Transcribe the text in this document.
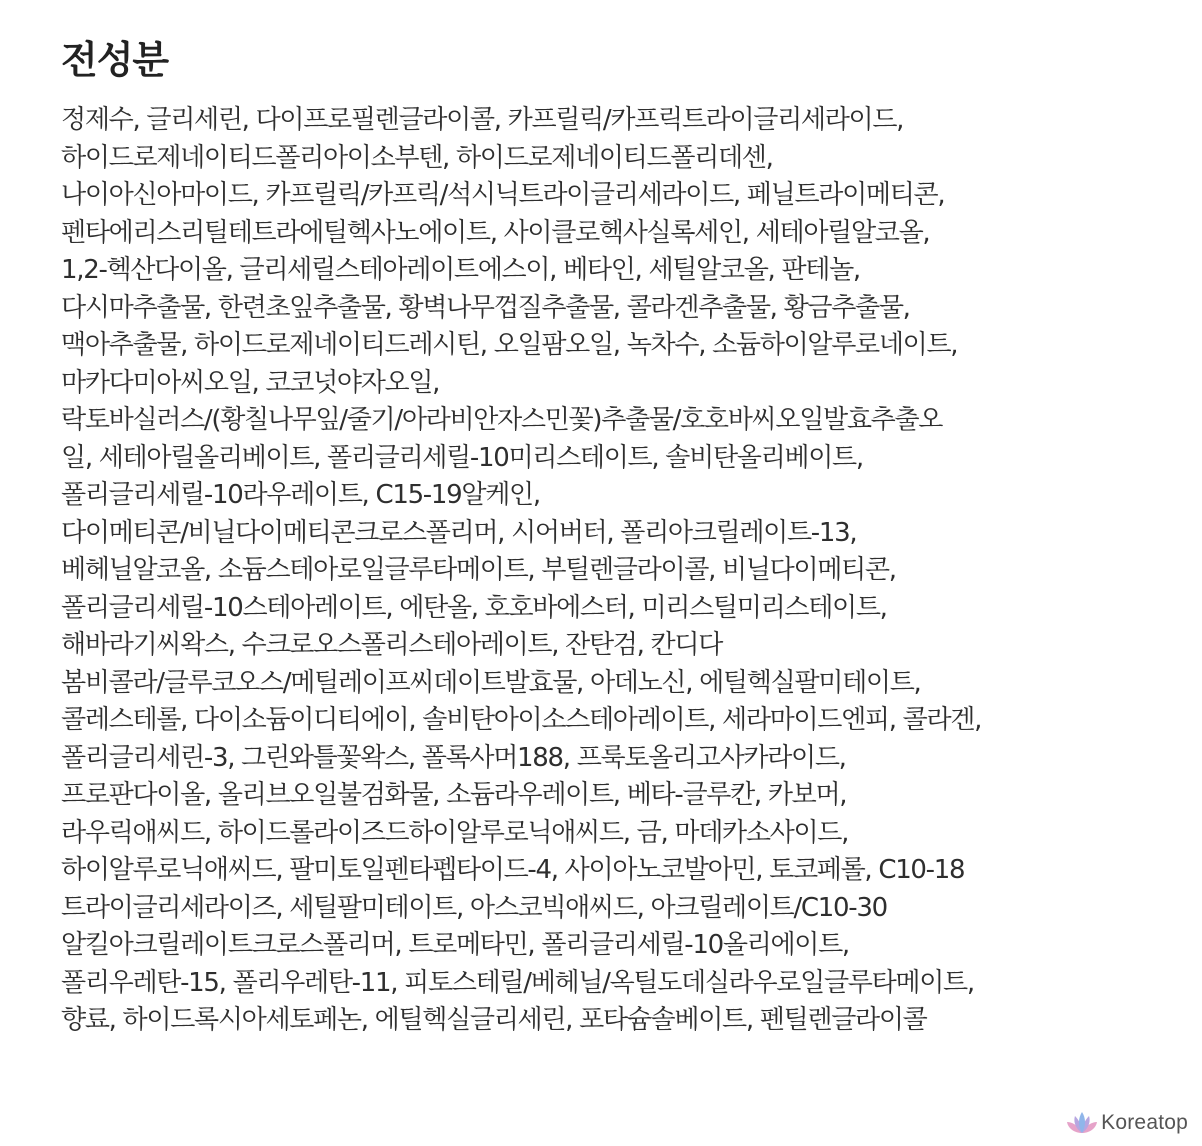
전성분
정제수, 글리세린, 다이프로필렌글라이콜, 카프릴릭/카프릭트라이글리세라이드,
하이드로제네이티드폴리아이소부텐, 하이드로제네이티드폴리데센,
나이아신아마이드, 카프릴릭/카프릭/석시닉트라이글리세라이드, 페닐트라이메티콘,
펜타에리스리틸테트라에틸헥사노에이트, 사이클로헥사실록세인, 세테아릴알코올,
1,2-헥산다이올, 글리세릴스테아레이트에스이, 베타인, 세틸알코올, 판테놀,
다시마추출물, 한련초잎추출물, 황벽나무껍질추출물, 콜라겐추출물, 황금추출물,
맥아추출물, 하이드로제네이티드레시틴, 오일팜오일, 녹차수, 소듐하이알루로네이트,
마카다미아씨오일, 코코넛야자오일,
락토바실러스/(황칠나무잎/줄기/아라비안자스민꽃)추출물/호호바씨오일발효추출오
일, 세테아릴올리베이트, 폴리글리세릴-10미리스테이트, 솔비탄올리베이트,
폴리글리세릴-10라우레이트, C15-19알케인,
다이메티콘/비닐다이메티콘크로스폴리머, 시어버터, 폴리아크릴레이트-13,
베헤닐알코올, 소듐스테아로일글루타메이트, 부틸렌글라이콜, 비닐다이메티콘,
폴리글리세릴-10스테아레이트, 에탄올, 호호바에스터, 미리스틸미리스테이트,
해바라기씨왁스, 수크로오스폴리스테아레이트, 잔탄검, 칸디다
봄비콜라/글루코오스/메틸레이프씨데이트발효물, 아데노신, 에틸헥실팔미테이트,
콜레스테롤, 다이소듐이디티에이, 솔비탄아이소스테아레이트, 세라마이드엔피, 콜라겐,
폴리글리세린-3, 그린와틀꽃왁스, 폴록사머188, 프룩토올리고사카라이드,
프로판다이올, 올리브오일불검화물, 소듐라우레이트, 베타-글루칸, 카보머,
라우릭애씨드, 하이드롤라이즈드하이알루로닉애씨드, 금, 마데카소사이드,
하이알루로닉애씨드, 팔미토일펜타펩타이드-4, 사이아노코발아민, 토코페롤, C10-18
트라이글리세라이즈, 세틸팔미테이트, 아스코빅애씨드, 아크릴레이트/C10-30
알킬아크릴레이트크로스폴리머, 트로메타민, 폴리글리세릴-10올리에이트,
폴리우레탄-15, 폴리우레탄-11, 피토스테릴/베헤닐/옥틸도데실라우로일글루타메이트,
향료, 하이드록시아세토페논, 에틸헥실글리세린, 포타슘솔베이트, 펜틸렌글라이콜
Koreatop
